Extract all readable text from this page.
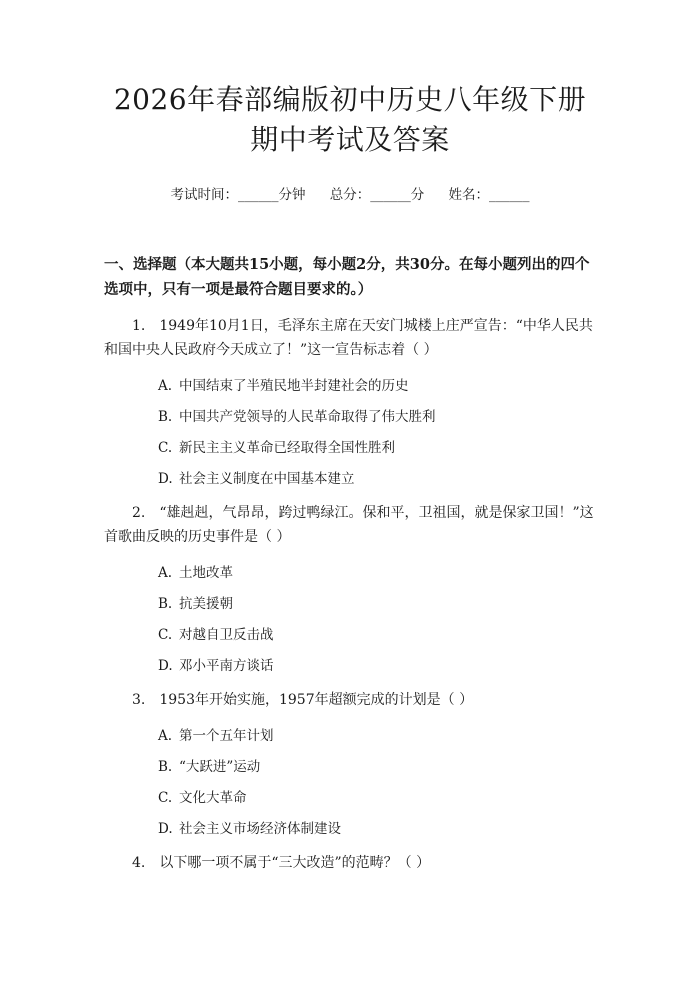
2026年春部编版初中历史八年级下册期中考试及答案
考试时间：______分钟 总分：______分 姓名：______
一、选择题（本大题共15小题，每小题2分，共30分。在每小题列出的四个选项中，只有一项是最符合题目要求的。）
1. 1949年10月1日，毛泽东主席在天安门城楼上庄严宣告：“中华人民共和国中央人民政府今天成立了！”这一宣告标志着（ ）
A. 中国结束了半殖民地半封建社会的历史
B. 中国共产党领导的人民革命取得了伟大胜利
C. 新民主主义革命已经取得全国性胜利
D. 社会主义制度在中国基本建立
2. “雄赳赳，气昂昂，跨过鸭绿江。保和平，卫祖国，就是保家卫国！”这首歌曲反映的历史事件是（ ）
A. 土地改革
B. 抗美援朝
C. 对越自卫反击战
D. 邓小平南方谈话
3. 1953年开始实施，1957年超额完成的计划是（ ）
A. 第一个五年计划
B. “大跃进”运动
C. 文化大革命
D. 社会主义市场经济体制建设
4. 以下哪一项不属于“三大改造”的范畴？（ ）
